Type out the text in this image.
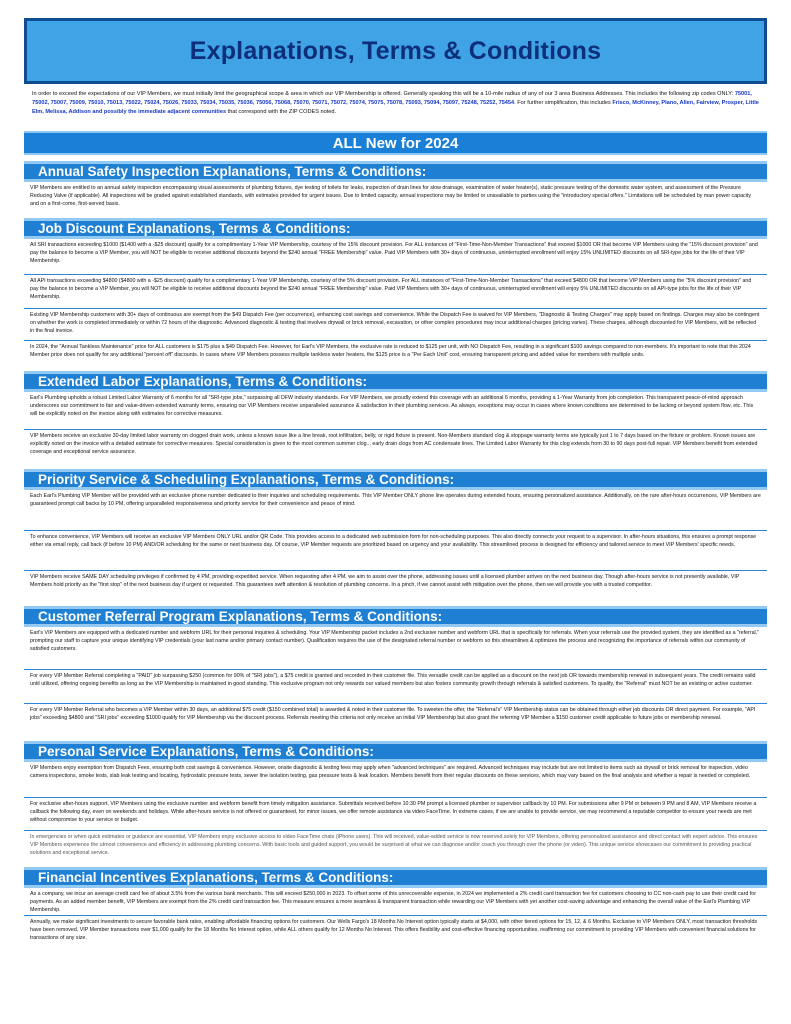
Explanations, Terms & Conditions

In order to exceed the expectations of our VIP Members, we must initially limit the geographical scope & area in which our VIP Membership is offered. Generally speaking this will be a 10-mile radius of any of our 3 area Business Addresses. This includes the following zip codes ONLY: 75001, 75002, 75007, 75009, 75010, 75013, 75022, 75024, 75026, 75033, 75034, 75035, 75036, 75056, 75068, 75070, 75071, 75072, 75074, 75075, 75078, 75093, 75094, 75097, 75248, 75252, 75454. For further simplification, this includes Frisco, McKinney, Plano, Allen, Fairview, Prosper, Little Elm, Melissa, Addison and possibly the immediate adjacent communities that correspond with the ZIP CODES noted.

ALL New for 2024
Annual Safety Inspection Explanations, Terms & Conditions:

VIP Members are entitled to an annual safety inspection encompassing visual assessments of plumbing fixtures, dye testing of toilets for leaks, inspection of drain lines for slow drainage, examination of water heater(s), static pressure testing of the domestic water system, and assessment of the Pressure Reducing Valve (if applicable). All inspections will be graded against established standards, with estimates provided for urgent issues. Due to limited capacity, annual inspections may be limited or unavailable to parties using the "introductory special offers." Limitations will be scheduled by man power capacity and on a first-come, first-served basis.

Job Discount Explanations, Terms & Conditions:

All SRI transactions exceeding $1000 ($1400 with a -$25 discount) qualify for a complimentary 1-Year VIP Membership, courtesy of the 15% discount provision. For ALL instances of "First-Time-Non-Member Transactions" that exceed $1000 OR that become VIP Members using the "15% discount provision" and pay the balance to become a VIP Member, you will NOT be eligible to receive additional discounts beyond the $240 annual "FREE Membership" value. Paid VIP Members with 30+ days of continuous, uninterrupted enrollment will enjoy 15% UNLIMITED discounts on all SRI-type jobs for the life of their VIP Membership.

All API transactions exceeding $4800 ($4800 with a -$25 discount) qualify for a complimentary 1-Year VIP Membership, courtesy of the 5% discount provision. For ALL instances of "First-Time-Non-Member Transactions" that exceed $4800 OR that become VIP Members using the "5% discount provision" and pay the balance to become a VIP Member, you will NOT be eligible to receive additional discounts beyond the $240 annual "FREE Membership" value. Paid VIP Members with 30+ days of continuous, uninterrupted enrollment will enjoy 5% UNLIMITED discounts on all API-type jobs for the life of their VIP Membership.

Existing VIP Membership customers with 30+ days of continuous are exempt from the $49 Dispatch Fee (per occurrence), enhancing cost savings and convenience. While the Dispatch Fee is waived for VIP Members, "Diagnostic & Testing Charges" may apply based on findings. Charges may also be contingent on whether the work is completed immediately or within 72 hours of the diagnostic. Advanced diagnostic & testing that involves drywall or brick removal, excavation, or other complex procedures may incur additional charges (pricing varies). These charges, although discounted for VIP Members, will be reflected in the final invoice.

In 2024, the "Annual Tankless Maintenance" price for ALL customers is $175 plus a $49 Dispatch Fee. However, for Earl's VIP Members, the exclusive rate is reduced to $125 per unit, with NO Dispatch Fee, resulting in a significant $100 savings compared to non-members. It's important to note that this 2024 Member price does not qualify for any additional "percent off" discounts. In cases where VIP Members possess multiple tankless water heaters, the $125 price is a "Per Each Unit" cost, ensuring transparent pricing and added value for members with multiple units.

Extended Labor Explanations, Terms & Conditions:

Earl's Plumbing upholds a robust Limited Labor Warranty of 6 months for all "SRI-type jobs," surpassing all DFW industry standards. For VIP Members, we proudly extend this coverage with an additional 6 months, providing a 1-Year Warranty from job completion. This transparent peace-of-mind approach underscores our commitment to fair and value-driven extended warranty terms, ensuring our VIP Members receive unparalleled assurance & satisfaction in their plumbing services. As always, exceptions may occur in cases where known conditions are determined to be lacking or beyond system flow, etc. This will be explicitly noted on the invoice along with estimates for corrective measures.

VIP Members receive an exclusive 30-day limited labor warranty on clogged drain work, unless a known issue like a line break, root infiltration, belly, or rigid fixture is present. Non-Members standard clog & stoppage warranty terms are typically just 1 to 7 days based on the fixture or problem. Known issues are explicitly noted on the invoice with a detailed estimate for corrective measures. Special consideration is given to the most common summer clog... early drain clogs from AC condensate lines. The Limited Labor Warranty for this clog extends from 30 to 90 days post-full repair. VIP Members benefit from extended coverage and exceptional service assurance.

Priority Service & Scheduling Explanations, Terms & Conditions:

Each Earl's Plumbing VIP Member will be provided with an exclusive phone number dedicated to their inquiries and scheduling requirements. This VIP Member ONLY phone line operates during extended hours, ensuring personalized assistance. Additionally, on the rare after-hours occurrences, VIP Members are guaranteed prompt call backs by 10 PM, offering unparalleled responsiveness and priority service for their convenience and peace of mind.

To enhance convenience, VIP Members will receive an exclusive VIP Members ONLY URL and/or QR Code. This provides access to a dedicated web submission form for non-scheduling purposes. This also directly connects your request to a supervisor. In after-hours situations, this ensures a prompt response either via email reply, call back (if before 10 PM) AND/OR scheduling for the same or next business day. Of course, VIP Member requests are prioritized based on urgency and your availability. This streamlined process is designed for efficiency and tailored service to meet VIP Members' specific needs.

VIP Members receive SAME DAY scheduling privileges if confirmed by 4 PM, providing expedited service. When requesting after 4 PM, we aim to assist over the phone, addressing issues until a licensed plumber arrives on the next business day. Though after-hours service is not presently available, VIP Members hold priority as the "first stop" of the next business day if urgent or requested. This guarantees swift attention & resolution of plumbing concerns. In a pinch, if we cannot assist with mitigation over the phone, then we will provide you with a trusted competitor.

Customer Referral Program Explanations, Terms & Conditions:

Earl's VIP Members are equipped with a dedicated number and webform URL for their personal inquiries & scheduling. Your VIP Membership packet includes a 2nd exclusive number and webform URL that is specifically for referrals. When your referrals use the provided system, they are identified as a "referral," prompting our staff to capture your unique identifying VIP credentials (your last name and/or primary contact number). Qualification requires the use of the designated referral number or webform so this streamlines & optimizes the process and recognizing the importance of referrals within our community of satisfied customers.

For every VIP Member Referral completing a "PAID" job surpassing $250 (common for 90% of "SRI jobs"), a $75 credit is granted and recorded in their customer file. This versatile credit can be applied as a discount on the next job OR towards membership renewal in subsequent years. The credit remains valid until utilized, offering ongoing benefits as long as the VIP Membership is maintained in good standing. This exclusive program not only rewards our valued members but also fosters community growth through referrals & satisfied customers. To qualify, the "Referral" must NOT be an existing or active customer.

For every VIP Member Referral who becomes a VIP Member within 30 days, an additional $75 credit ($150 combined total) is awarded & noted in their customer file. To sweeten the offer, the "Referral's" VIP Membership status can be obtained through either job discounts OR direct payment. For example, "API jobs" exceeding $4800 and "SRI jobs" exceeding $1000 qualify for VIP Membership via the discount process. Referrals meeting this criteria not only receive an initial VIP Membership but also grant the referring VIP Member a $150 customer credit applicable to future jobs or membership renewal.

Personal Service Explanations, Terms & Conditions:

VIP Members enjoy exemption from Dispatch Fees, ensuring both cost savings & convenience. However, onsite diagnostic & testing fees may apply when "advanced techniques" are required. Advanced techniques may include but are not limited to items such as drywall or brick removal for inspection, video camera inspections, smoke tests, slab leak testing and locating, hydrostatic pressure tests, sewer line isolation testing, gas pressure tests & leak location. Members benefit from their regular discounts on these services, which may vary based on the final analysis and whether a repair is needed or completed.

For exclusive after-hours support, VIP Members using the exclusive number and webform benefit from timely mitigation assistance. Submittals received before 10:30 PM prompt a licensed plumber or supervisor callback by 10 PM. For submissions after 9 PM or between 9 PM and 8 AM, VIP Members receive a callback the following day, even on weekends and holidays. While after-hours service is not offered or guaranteed, for minor issues, we offer remote assistance via video FaceTime. In extreme cases, if we are unable to provide service, we may recommend a reputable competitor to ensure your needs are met without compromise to your service or budget.

In emergencies or when quick estimates or guidance are essential, VIP Members enjoy exclusive access to video FaceTime chats (iPhone users). This will received, value-added service is now reserved solely for VIP Members, offering personalized assistance and direct contact with expert advice. This ensures VIP Members experience the utmost convenience and efficiency in addressing plumbing concerns. With basic tools and guided support, you would be surprised at what we can diagnose and/or coach you through over the phone (or video). This unique service showcases our commitment to providing practical solutions and exceptional service.

Financial Incentives Explanations, Terms & Conditions:

As a company, we incur an average credit card fee of about 3.5% from the various bank merchants. This will exceed $250,000 in 2023. To offset some of this unrecoverable expense, in 2024 we implemented a 2% credit card transaction fee for customers choosing to CC non-cash pay to use their credit card for payments. As an added member benefit, VIP Members are exempt from the 2% credit card transaction fee. This measure ensures a more seamless & transparent transaction while rewarding our VIP Members with yet another cost-saving advantage and enhancing the overall value of the Earl's Plumbing VIP Membership.

Annually, we make significant investments to secure favorable bank rates, enabling affordable financing options for customers. Our Wells Fargo's 18 Months No Interest option typically starts at $4,000, with other tiered options for 15, 12, & 6 Months. Exclusive to VIP Members ONLY, most transaction thresholds have been removed. VIP Member transactions over $1,000 qualify for the 18 Months No Interest option, while ALL others qualify for 12 Months No Interest. This offers flexibility and cost-effective financing opportunities, reaffirming our commitment to providing VIP Members with convenient financial solutions for transactions of any size.
